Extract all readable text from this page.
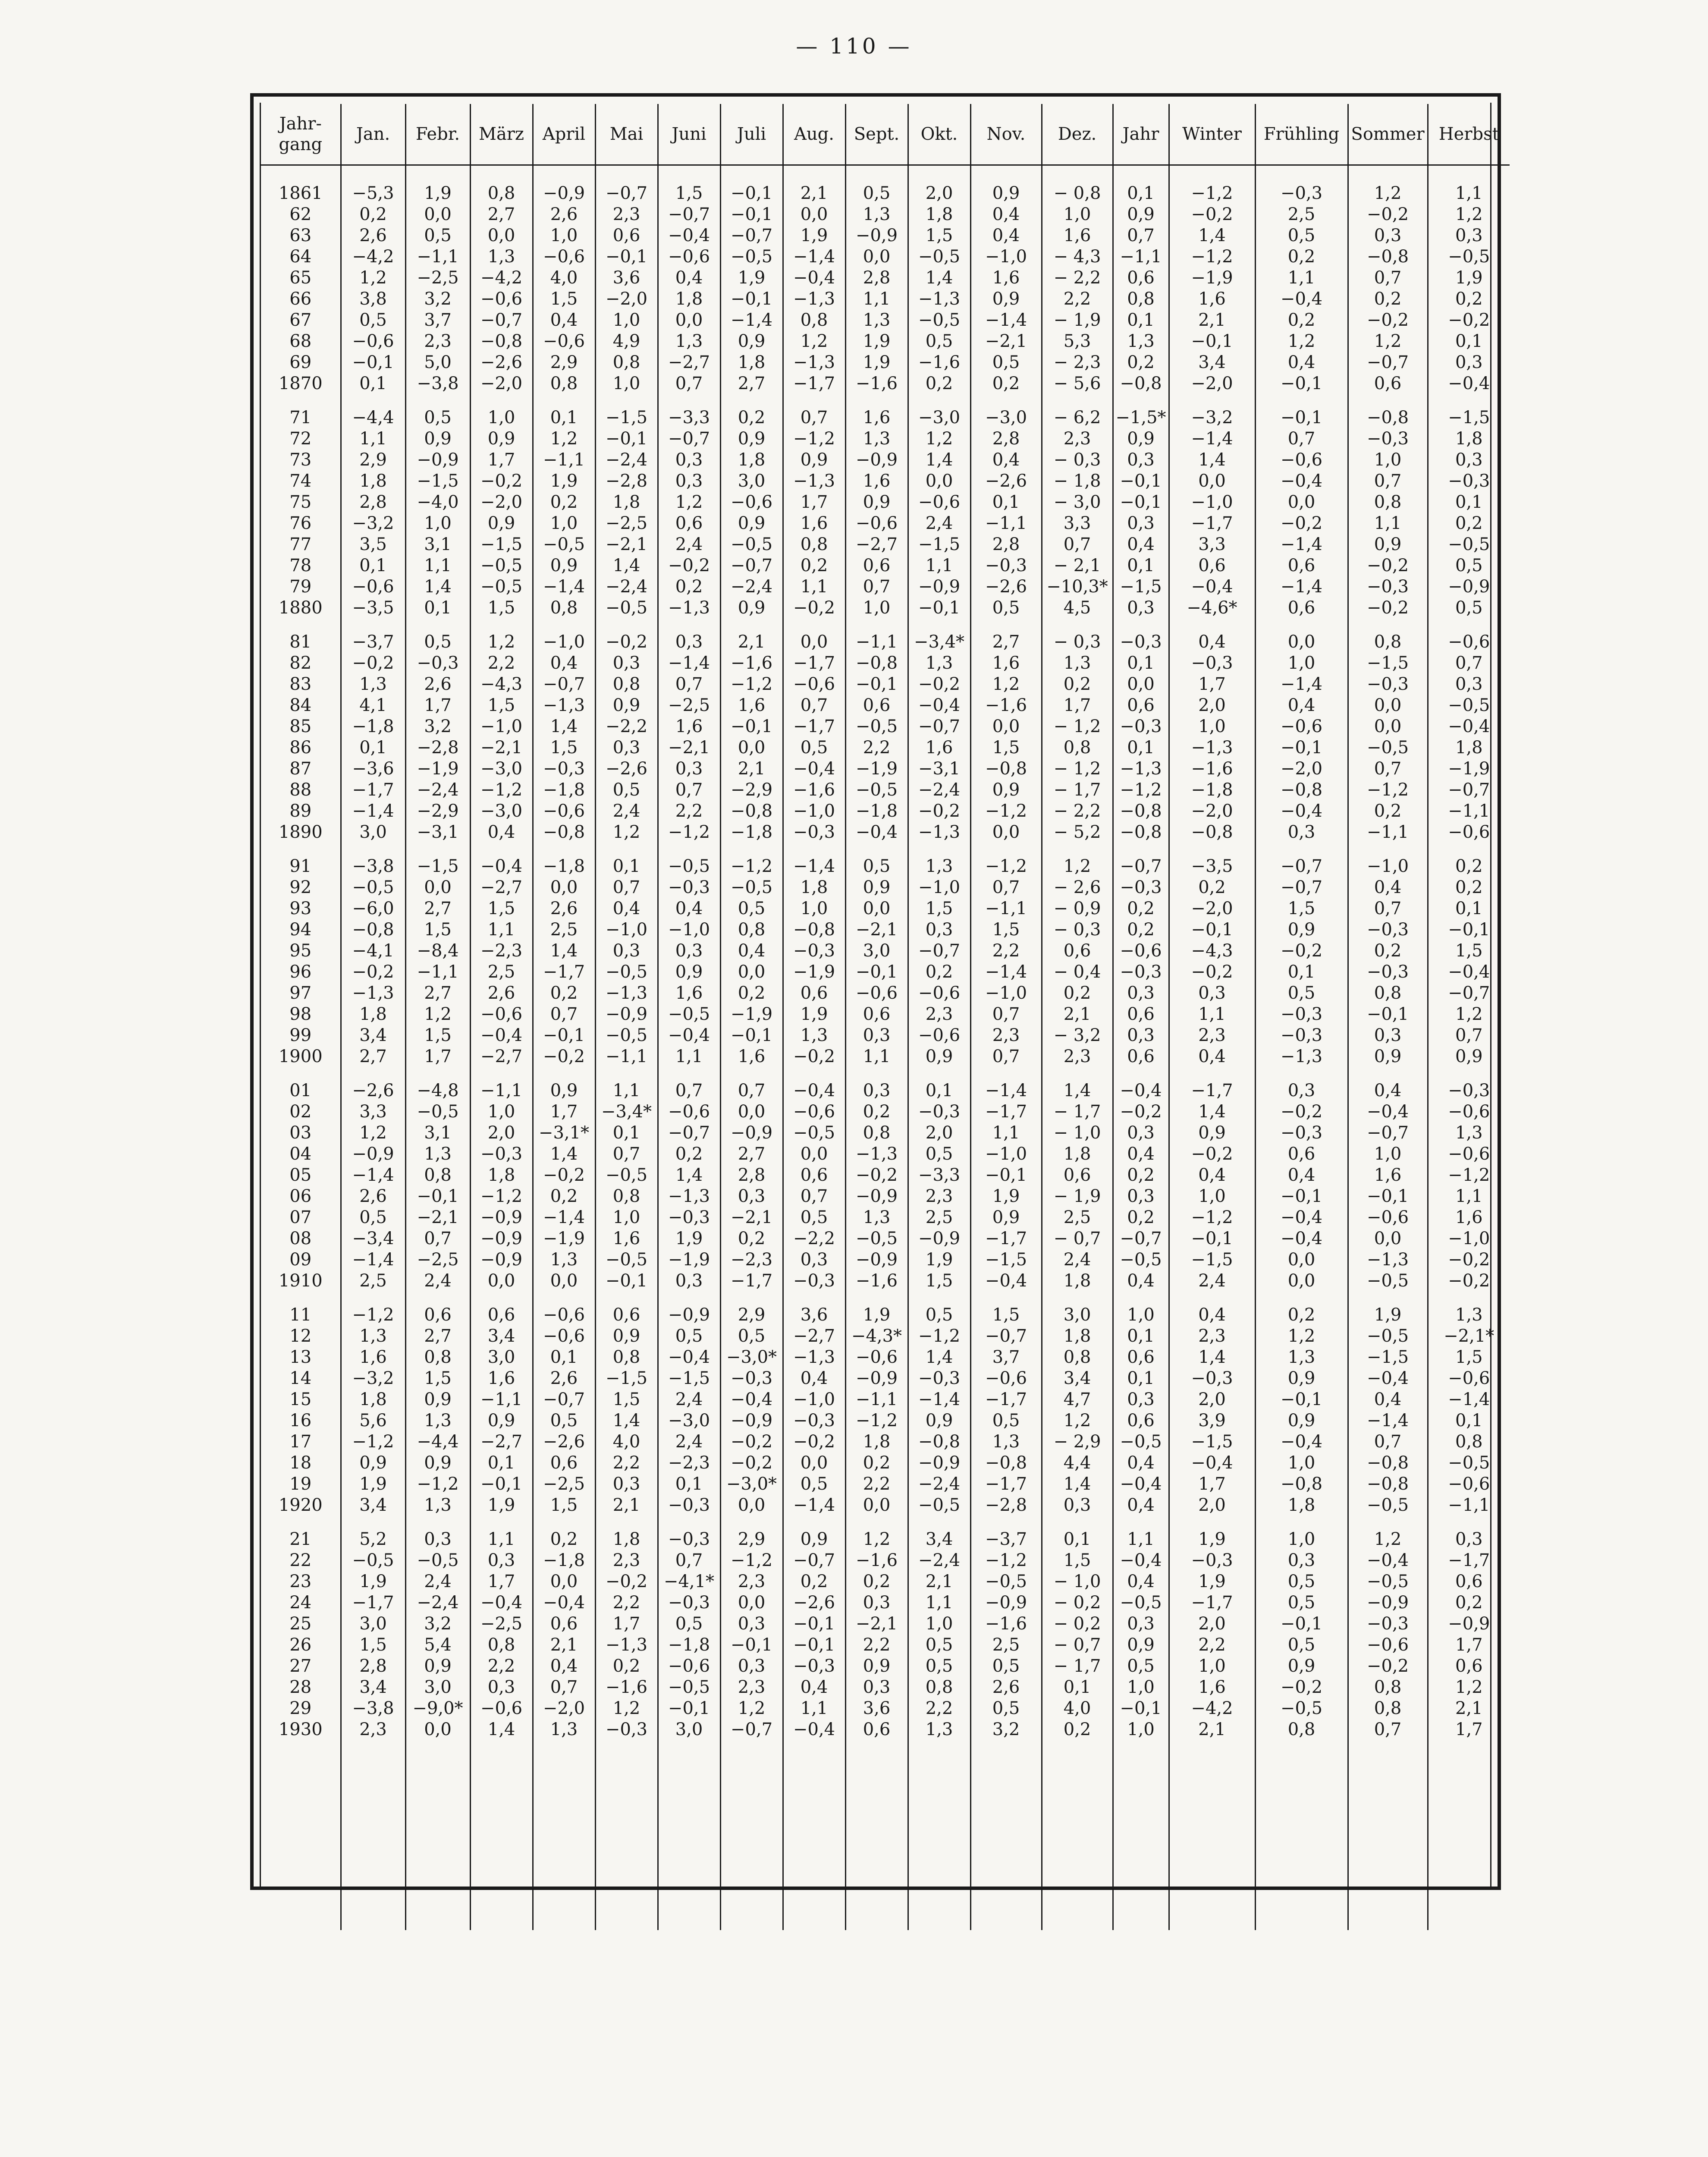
— 110 —
Jahr-
gang	Jan.	Febr.	März	April	Mai	Juni	Juli	Aug.	Sept.	Okt.	Nov.	Dez.	Jahr	Winter	Frühling	Sommer	Herbst

1861	−5,3	1,9	0,8	−0,9	−0,7	1,5	−0,1	2,1	0,5	2,0	0,9	− 0,8	0,1	−1,2	−0,3	1,2	1,1
62	0,2	0,0	2,7	2,6	2,3	−0,7	−0,1	0,0	1,3	1,8	0,4	1,0	0,9	−0,2	2,5	−0,2	1,2
63	2,6	0,5	0,0	1,0	0,6	−0,4	−0,7	1,9	−0,9	1,5	0,4	1,6	0,7	1,4	0,5	0,3	0,3
64	−4,2	−1,1	1,3	−0,6	−0,1	−0,6	−0,5	−1,4	0,0	−0,5	−1,0	− 4,3	−1,1	−1,2	0,2	−0,8	−0,5
65	1,2	−2,5	−4,2	4,0	3,6	0,4	1,9	−0,4	2,8	1,4	1,6	− 2,2	0,6	−1,9	1,1	0,7	1,9
66	3,8	3,2	−0,6	1,5	−2,0	1,8	−0,1	−1,3	1,1	−1,3	0,9	2,2	0,8	1,6	−0,4	0,2	0,2
67	0,5	3,7	−0,7	0,4	1,0	0,0	−1,4	0,8	1,3	−0,5	−1,4	− 1,9	0,1	2,1	0,2	−0,2	−0,2
68	−0,6	2,3	−0,8	−0,6	4,9	1,3	0,9	1,2	1,9	0,5	−2,1	5,3	1,3	−0,1	1,2	1,2	0,1
69	−0,1	5,0	−2,6	2,9	0,8	−2,7	1,8	−1,3	1,9	−1,6	0,5	− 2,3	0,2	3,4	0,4	−0,7	0,3
1870	0,1	−3,8	−2,0	0,8	1,0	0,7	2,7	−1,7	−1,6	0,2	0,2	− 5,6	−0,8	−2,0	−0,1	0,6	−0,4

71	−4,4	0,5	1,0	0,1	−1,5	−3,3	0,2	0,7	1,6	−3,0	−3,0	− 6,2	−1,5*	−3,2	−0,1	−0,8	−1,5
72	1,1	0,9	0,9	1,2	−0,1	−0,7	0,9	−1,2	1,3	1,2	2,8	2,3	0,9	−1,4	0,7	−0,3	1,8
73	2,9	−0,9	1,7	−1,1	−2,4	0,3	1,8	0,9	−0,9	1,4	0,4	− 0,3	0,3	1,4	−0,6	1,0	0,3
74	1,8	−1,5	−0,2	1,9	−2,8	0,3	3,0	−1,3	1,6	0,0	−2,6	− 1,8	−0,1	0,0	−0,4	0,7	−0,3
75	2,8	−4,0	−2,0	0,2	1,8	1,2	−0,6	1,7	0,9	−0,6	0,1	− 3,0	−0,1	−1,0	0,0	0,8	0,1
76	−3,2	1,0	0,9	1,0	−2,5	0,6	0,9	1,6	−0,6	2,4	−1,1	3,3	0,3	−1,7	−0,2	1,1	0,2
77	3,5	3,1	−1,5	−0,5	−2,1	2,4	−0,5	0,8	−2,7	−1,5	2,8	0,7	0,4	3,3	−1,4	0,9	−0,5
78	0,1	1,1	−0,5	0,9	1,4	−0,2	−0,7	0,2	0,6	1,1	−0,3	− 2,1	0,1	0,6	0,6	−0,2	0,5
79	−0,6	1,4	−0,5	−1,4	−2,4	0,2	−2,4	1,1	0,7	−0,9	−2,6	−10,3*	−1,5	−0,4	−1,4	−0,3	−0,9
1880	−3,5	0,1	1,5	0,8	−0,5	−1,3	0,9	−0,2	1,0	−0,1	0,5	4,5	0,3	−4,6*	0,6	−0,2	0,5

81	−3,7	0,5	1,2	−1,0	−0,2	0,3	2,1	0,0	−1,1	−3,4*	2,7	− 0,3	−0,3	0,4	0,0	0,8	−0,6
82	−0,2	−0,3	2,2	0,4	0,3	−1,4	−1,6	−1,7	−0,8	1,3	1,6	1,3	0,1	−0,3	1,0	−1,5	0,7
83	1,3	2,6	−4,3	−0,7	0,8	0,7	−1,2	−0,6	−0,1	−0,2	1,2	0,2	0,0	1,7	−1,4	−0,3	0,3
84	4,1	1,7	1,5	−1,3	0,9	−2,5	1,6	0,7	0,6	−0,4	−1,6	1,7	0,6	2,0	0,4	0,0	−0,5
85	−1,8	3,2	−1,0	1,4	−2,2	1,6	−0,1	−1,7	−0,5	−0,7	0,0	− 1,2	−0,3	1,0	−0,6	0,0	−0,4
86	0,1	−2,8	−2,1	1,5	0,3	−2,1	0,0	0,5	2,2	1,6	1,5	0,8	0,1	−1,3	−0,1	−0,5	1,8
87	−3,6	−1,9	−3,0	−0,3	−2,6	0,3	2,1	−0,4	−1,9	−3,1	−0,8	− 1,2	−1,3	−1,6	−2,0	0,7	−1,9
88	−1,7	−2,4	−1,2	−1,8	0,5	0,7	−2,9	−1,6	−0,5	−2,4	0,9	− 1,7	−1,2	−1,8	−0,8	−1,2	−0,7
89	−1,4	−2,9	−3,0	−0,6	2,4	2,2	−0,8	−1,0	−1,8	−0,2	−1,2	− 2,2	−0,8	−2,0	−0,4	0,2	−1,1
1890	3,0	−3,1	0,4	−0,8	1,2	−1,2	−1,8	−0,3	−0,4	−1,3	0,0	− 5,2	−0,8	−0,8	0,3	−1,1	−0,6

91	−3,8	−1,5	−0,4	−1,8	0,1	−0,5	−1,2	−1,4	0,5	1,3	−1,2	1,2	−0,7	−3,5	−0,7	−1,0	0,2
92	−0,5	0,0	−2,7	0,0	0,7	−0,3	−0,5	1,8	0,9	−1,0	0,7	− 2,6	−0,3	0,2	−0,7	0,4	0,2
93	−6,0	2,7	1,5	2,6	0,4	0,4	0,5	1,0	0,0	1,5	−1,1	− 0,9	0,2	−2,0	1,5	0,7	0,1
94	−0,8	1,5	1,1	2,5	−1,0	−1,0	0,8	−0,8	−2,1	0,3	1,5	− 0,3	0,2	−0,1	0,9	−0,3	−0,1
95	−4,1	−8,4	−2,3	1,4	0,3	0,3	0,4	−0,3	3,0	−0,7	2,2	0,6	−0,6	−4,3	−0,2	0,2	1,5
96	−0,2	−1,1	2,5	−1,7	−0,5	0,9	0,0	−1,9	−0,1	0,2	−1,4	− 0,4	−0,3	−0,2	0,1	−0,3	−0,4
97	−1,3	2,7	2,6	0,2	−1,3	1,6	0,2	0,6	−0,6	−0,6	−1,0	0,2	0,3	0,3	0,5	0,8	−0,7
98	1,8	1,2	−0,6	0,7	−0,9	−0,5	−1,9	1,9	0,6	2,3	0,7	2,1	0,6	1,1	−0,3	−0,1	1,2
99	3,4	1,5	−0,4	−0,1	−0,5	−0,4	−0,1	1,3	0,3	−0,6	2,3	− 3,2	0,3	2,3	−0,3	0,3	0,7
1900	2,7	1,7	−2,7	−0,2	−1,1	1,1	1,6	−0,2	1,1	0,9	0,7	2,3	0,6	0,4	−1,3	0,9	0,9

01	−2,6	−4,8	−1,1	0,9	1,1	0,7	0,7	−0,4	0,3	0,1	−1,4	1,4	−0,4	−1,7	0,3	0,4	−0,3
02	3,3	−0,5	1,0	1,7	−3,4*	−0,6	0,0	−0,6	0,2	−0,3	−1,7	− 1,7	−0,2	1,4	−0,2	−0,4	−0,6
03	1,2	3,1	2,0	−3,1*	0,1	−0,7	−0,9	−0,5	0,8	2,0	1,1	− 1,0	0,3	0,9	−0,3	−0,7	1,3
04	−0,9	1,3	−0,3	1,4	0,7	0,2	2,7	0,0	−1,3	0,5	−1,0	1,8	0,4	−0,2	0,6	1,0	−0,6
05	−1,4	0,8	1,8	−0,2	−0,5	1,4	2,8	0,6	−0,2	−3,3	−0,1	0,6	0,2	0,4	0,4	1,6	−1,2
06	2,6	−0,1	−1,2	0,2	0,8	−1,3	0,3	0,7	−0,9	2,3	1,9	− 1,9	0,3	1,0	−0,1	−0,1	1,1
07	0,5	−2,1	−0,9	−1,4	1,0	−0,3	−2,1	0,5	1,3	2,5	0,9	2,5	0,2	−1,2	−0,4	−0,6	1,6
08	−3,4	0,7	−0,9	−1,9	1,6	1,9	0,2	−2,2	−0,5	−0,9	−1,7	− 0,7	−0,7	−0,1	−0,4	0,0	−1,0
09	−1,4	−2,5	−0,9	1,3	−0,5	−1,9	−2,3	0,3	−0,9	1,9	−1,5	2,4	−0,5	−1,5	0,0	−1,3	−0,2
1910	2,5	2,4	0,0	0,0	−0,1	0,3	−1,7	−0,3	−1,6	1,5	−0,4	1,8	0,4	2,4	0,0	−0,5	−0,2

11	−1,2	0,6	0,6	−0,6	0,6	−0,9	2,9	3,6	1,9	0,5	1,5	3,0	1,0	0,4	0,2	1,9	1,3
12	1,3	2,7	3,4	−0,6	0,9	0,5	0,5	−2,7	−4,3*	−1,2	−0,7	1,8	0,1	2,3	1,2	−0,5	−2,1*
13	1,6	0,8	3,0	0,1	0,8	−0,4	−3,0*	−1,3	−0,6	1,4	3,7	0,8	0,6	1,4	1,3	−1,5	1,5
14	−3,2	1,5	1,6	2,6	−1,5	−1,5	−0,3	0,4	−0,9	−0,3	−0,6	3,4	0,1	−0,3	0,9	−0,4	−0,6
15	1,8	0,9	−1,1	−0,7	1,5	2,4	−0,4	−1,0	−1,1	−1,4	−1,7	4,7	0,3	2,0	−0,1	0,4	−1,4
16	5,6	1,3	0,9	0,5	1,4	−3,0	−0,9	−0,3	−1,2	0,9	0,5	1,2	0,6	3,9	0,9	−1,4	0,1
17	−1,2	−4,4	−2,7	−2,6	4,0	2,4	−0,2	−0,2	1,8	−0,8	1,3	− 2,9	−0,5	−1,5	−0,4	0,7	0,8
18	0,9	0,9	0,1	0,6	2,2	−2,3	−0,2	0,0	0,2	−0,9	−0,8	4,4	0,4	−0,4	1,0	−0,8	−0,5
19	1,9	−1,2	−0,1	−2,5	0,3	0,1	−3,0*	0,5	2,2	−2,4	−1,7	1,4	−0,4	1,7	−0,8	−0,8	−0,6
1920	3,4	1,3	1,9	1,5	2,1	−0,3	0,0	−1,4	0,0	−0,5	−2,8	0,3	0,4	2,0	1,8	−0,5	−1,1

21	5,2	0,3	1,1	0,2	1,8	−0,3	2,9	0,9	1,2	3,4	−3,7	0,1	1,1	1,9	1,0	1,2	0,3
22	−0,5	−0,5	0,3	−1,8	2,3	0,7	−1,2	−0,7	−1,6	−2,4	−1,2	1,5	−0,4	−0,3	0,3	−0,4	−1,7
23	1,9	2,4	1,7	0,0	−0,2	−4,1*	2,3	0,2	0,2	2,1	−0,5	− 1,0	0,4	1,9	0,5	−0,5	0,6
24	−1,7	−2,4	−0,4	−0,4	2,2	−0,3	0,0	−2,6	0,3	1,1	−0,9	− 0,2	−0,5	−1,7	0,5	−0,9	0,2
25	3,0	3,2	−2,5	0,6	1,7	0,5	0,3	−0,1	−2,1	1,0	−1,6	− 0,2	0,3	2,0	−0,1	−0,3	−0,9
26	1,5	5,4	0,8	2,1	−1,3	−1,8	−0,1	−0,1	2,2	0,5	2,5	− 0,7	0,9	2,2	0,5	−0,6	1,7
27	2,8	0,9	2,2	0,4	0,2	−0,6	0,3	−0,3	0,9	0,5	0,5	− 1,7	0,5	1,0	0,9	−0,2	0,6
28	3,4	3,0	0,3	0,7	−1,6	−0,5	2,3	0,4	0,3	0,8	2,6	0,1	1,0	1,6	−0,2	0,8	1,2
29	−3,8	−9,0*	−0,6	−2,0	1,2	−0,1	1,2	1,1	3,6	2,2	0,5	4,0	−0,1	−4,2	−0,5	0,8	2,1
1930	2,3	0,0	1,4	1,3	−0,3	3,0	−0,7	−0,4	0,6	1,3	3,2	0,2	1,0	2,1	0,8	0,7	1,7
